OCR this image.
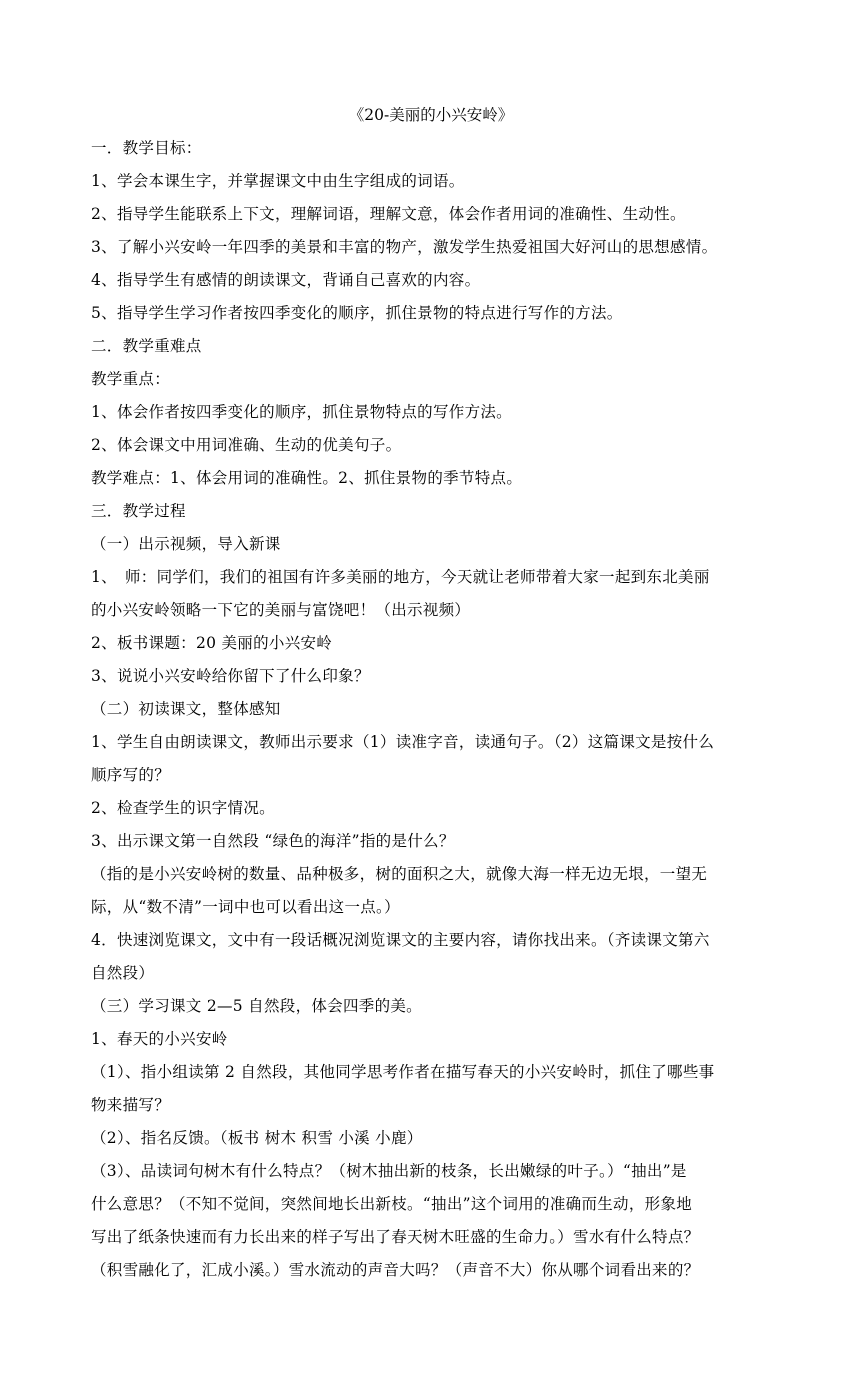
《20-美丽的小兴安岭》

一．教学目标：

1、学会本课生字，并掌握课文中由生字组成的词语。

2、指导学生能联系上下文，理解词语，理解文意，体会作者用词的准确性、生动性。

3、了解小兴安岭一年四季的美景和丰富的物产，激发学生热爱祖国大好河山的思想感情。

4、指导学生有感情的朗读课文，背诵自己喜欢的内容。

5、指导学生学习作者按四季变化的顺序，抓住景物的特点进行写作的方法。

二．教学重难点

教学重点：

1、体会作者按四季变化的顺序，抓住景物特点的写作方法。

2、体会课文中用词准确、生动的优美句子。

教学难点：1、体会用词的准确性。2、抓住景物的季节特点。

三．教学过程

（一）出示视频，导入新课

1、　师：同学们，我们的祖国有许多美丽的地方，今天就让老师带着大家一起到东北美丽

的小兴安岭领略一下它的美丽与富饶吧！（出示视频）

2、板书课题：20 美丽的小兴安岭

3、说说小兴安岭给你留下了什么印象？

（二）初读课文，整体感知

1、学生自由朗读课文，教师出示要求（1）读准字音，读通句子。（2）这篇课文是按什么

顺序写的？

2、检查学生的识字情况。

3、出示课文第一自然段 “绿色的海洋”指的是什么？

（指的是小兴安岭树的数量、品种极多，树的面积之大，就像大海一样无边无垠，一望无

际，从“数不清”一词中也可以看出这一点。）

4．快速浏览课文，文中有一段话概况浏览课文的主要内容，请你找出来。（齐读课文第六

自然段）

（三）学习课文 2—5 自然段，体会四季的美。

1、春天的小兴安岭

（1）、指小组读第 2 自然段，其他同学思考作者在描写春天的小兴安岭时，抓住了哪些事

物来描写？

（2）、指名反馈。（板书 树木 积雪 小溪 小鹿）

（3）、品读词句树木有什么特点？（树木抽出新的枝条，长出嫩绿的叶子。）“抽出”是

什么意思？（不知不觉间，突然间地长出新枝。“抽出”这个词用的准确而生动，形象地

写出了纸条快速而有力长出来的样子写出了春天树木旺盛的生命力。）雪水有什么特点？

（积雪融化了，汇成小溪。）雪水流动的声音大吗？（声音不大）你从哪个词看出来的？
